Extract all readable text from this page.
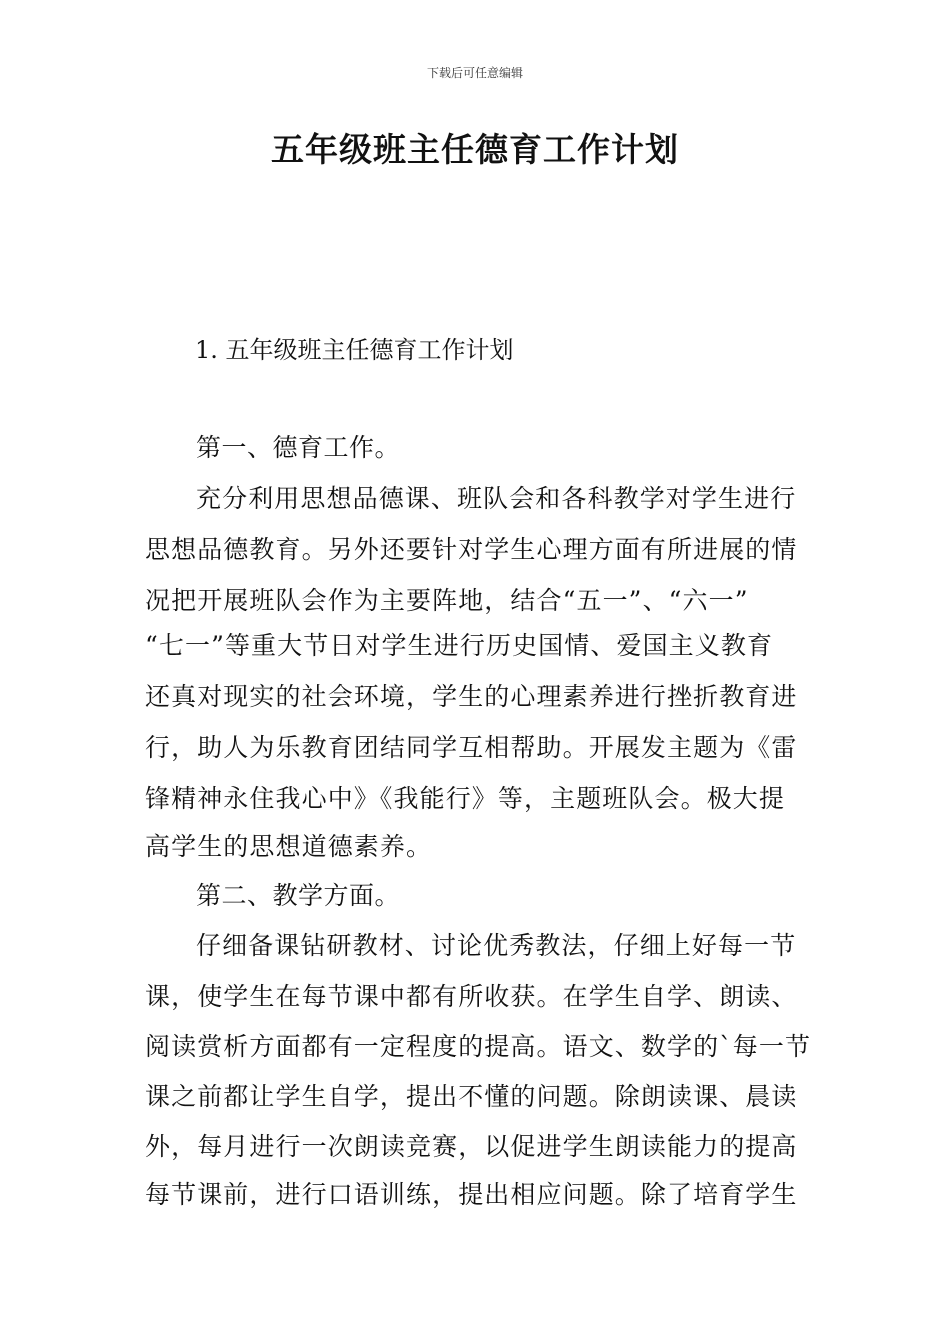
下载后可任意编辑
五年级班主任德育工作计划
1. 五年级班主任德育工作计划
第一、德育工作。
充分利用思想品德课、班队会和各科教学对学生进行
思想品德教育。另外还要针对学生心理方面有所进展的情
况把开展班队会作为主要阵地，结合“五一”、“六一”
“七一”等重大节日对学生进行历史国情、爱国主义教育
还真对现实的社会环境，学生的心理素养进行挫折教育进
行，助人为乐教育团结同学互相帮助。开展发主题为《雷
锋精神永住我心中》《我能行》等，主题班队会。极大提
高学生的思想道德素养。
第二、教学方面。
仔细备课钻研教材、讨论优秀教法，仔细上好每一节
课，使学生在每节课中都有所收获。在学生自学、朗读、
阅读赏析方面都有一定程度的提高。语文、数学的`每一节
课之前都让学生自学，提出不懂的问题。除朗读课、晨读
外，每月进行一次朗读竞赛，以促进学生朗读能力的提高
每节课前，进行口语训练，提出相应问题。除了培育学生
